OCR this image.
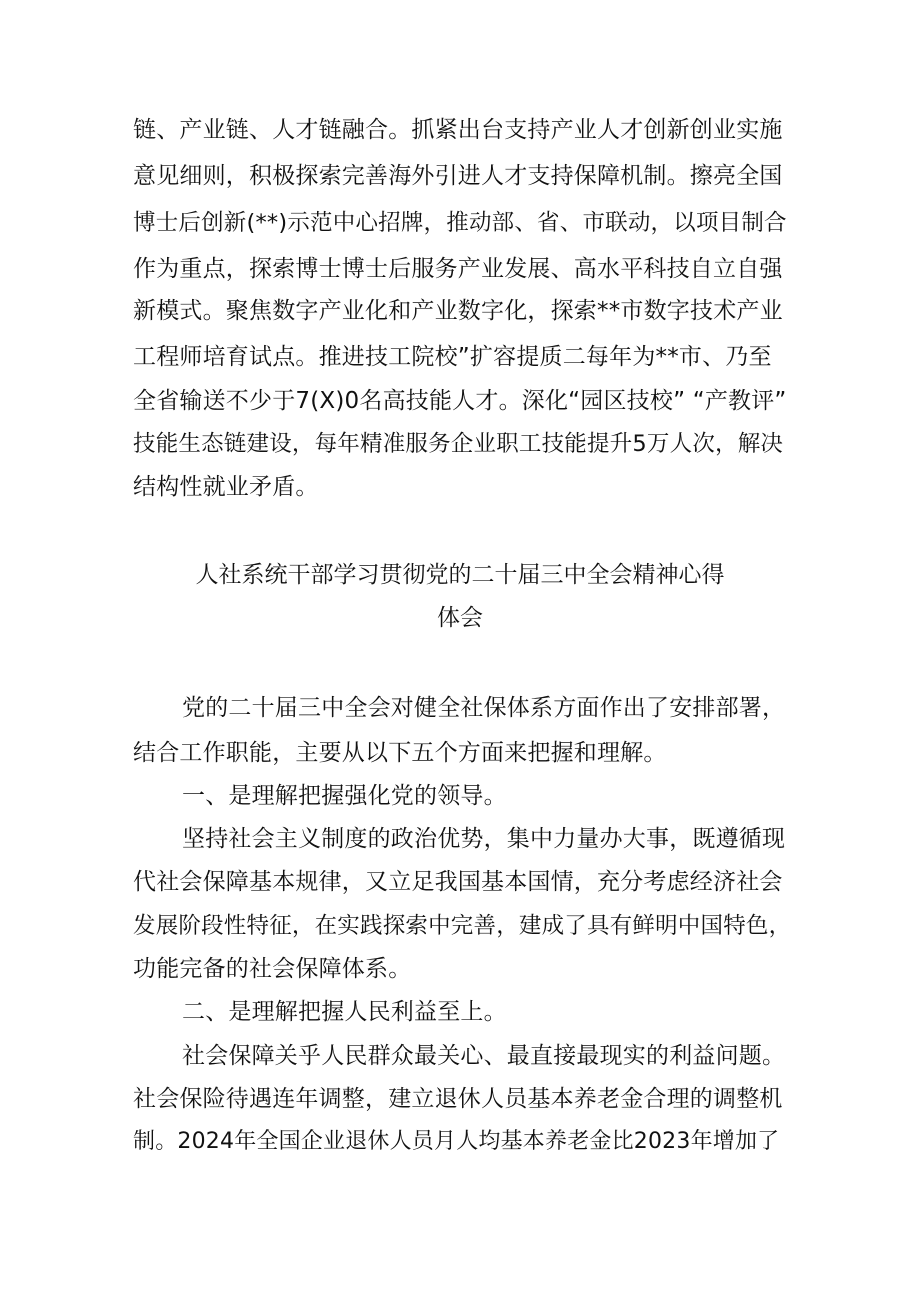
链、产业链、人才链融合。抓紧出台支持产业人才创新创业实施
意见细则，积极探索完善海外引进人才支持保障机制。擦亮全国
博士后创新(**)示范中心招牌，推动部、省、市联动，以项目制合
作为重点，探索博士博士后服务产业发展、高水平科技自立自强
新模式。聚焦数字产业化和产业数字化，探索**市数字技术产业
工程师培育试点。推进技工院校”扩容提质二每年为**市、乃至
全省输送不少于7(X)0名高技能人才。深化“园区技校” “产教评”
技能生态链建设，每年精准服务企业职工技能提升5万人次，解决
结构性就业矛盾。
人社系统干部学习贯彻党的二十届三中全会精神心得
体会
党的二十届三中全会对健全社保体系方面作出了安排部署，
结合工作职能，主要从以下五个方面来把握和理解。
一、是理解把握强化党的领导。
坚持社会主义制度的政治优势，集中力量办大事，既遵循现
代社会保障基本规律，又立足我国基本国情，充分考虑经济社会
发展阶段性特征，在实践探索中完善，建成了具有鲜明中国特色，
功能完备的社会保障体系。
二、是理解把握人民利益至上。
社会保障关乎人民群众最关心、最直接最现实的利益问题。
社会保险待遇连年调整，建立退休人员基本养老金合理的调整机
制。2024年全国企业退休人员月人均基本养老金比2023年增加了
